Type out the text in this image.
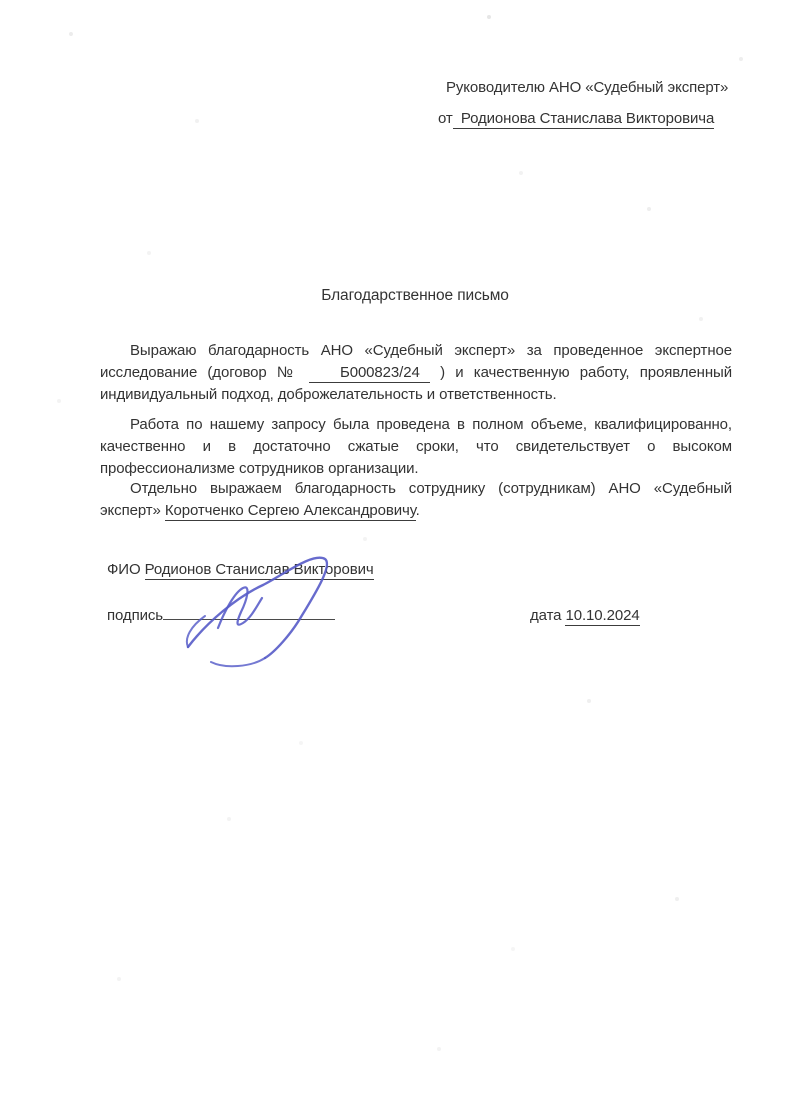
Руководителю АНО «Судебный эксперт»
от  Родионова Станислава Викторовича
Благодарственное письмо

Выражаю благодарность АНО «Судебный эксперт» за проведенное экспертное исследование (договор №    Б000823/24  ) и качественную работу, проявленный индивидуальный подход, доброжелательность и ответственность.

Работа по нашему запросу была проведена в полном объеме, квалифицированно, качественно и в достаточно сжатые сроки, что свидетельствует о высоком профессионализме сотрудников организации.

Отдельно выражаем благодарность сотруднику (сотрудникам) АНО «Судебный эксперт» Коротченко Сергею Александровичу.

ФИО Родионов Станислав Викторович
подпись	дата 10.10.2024
